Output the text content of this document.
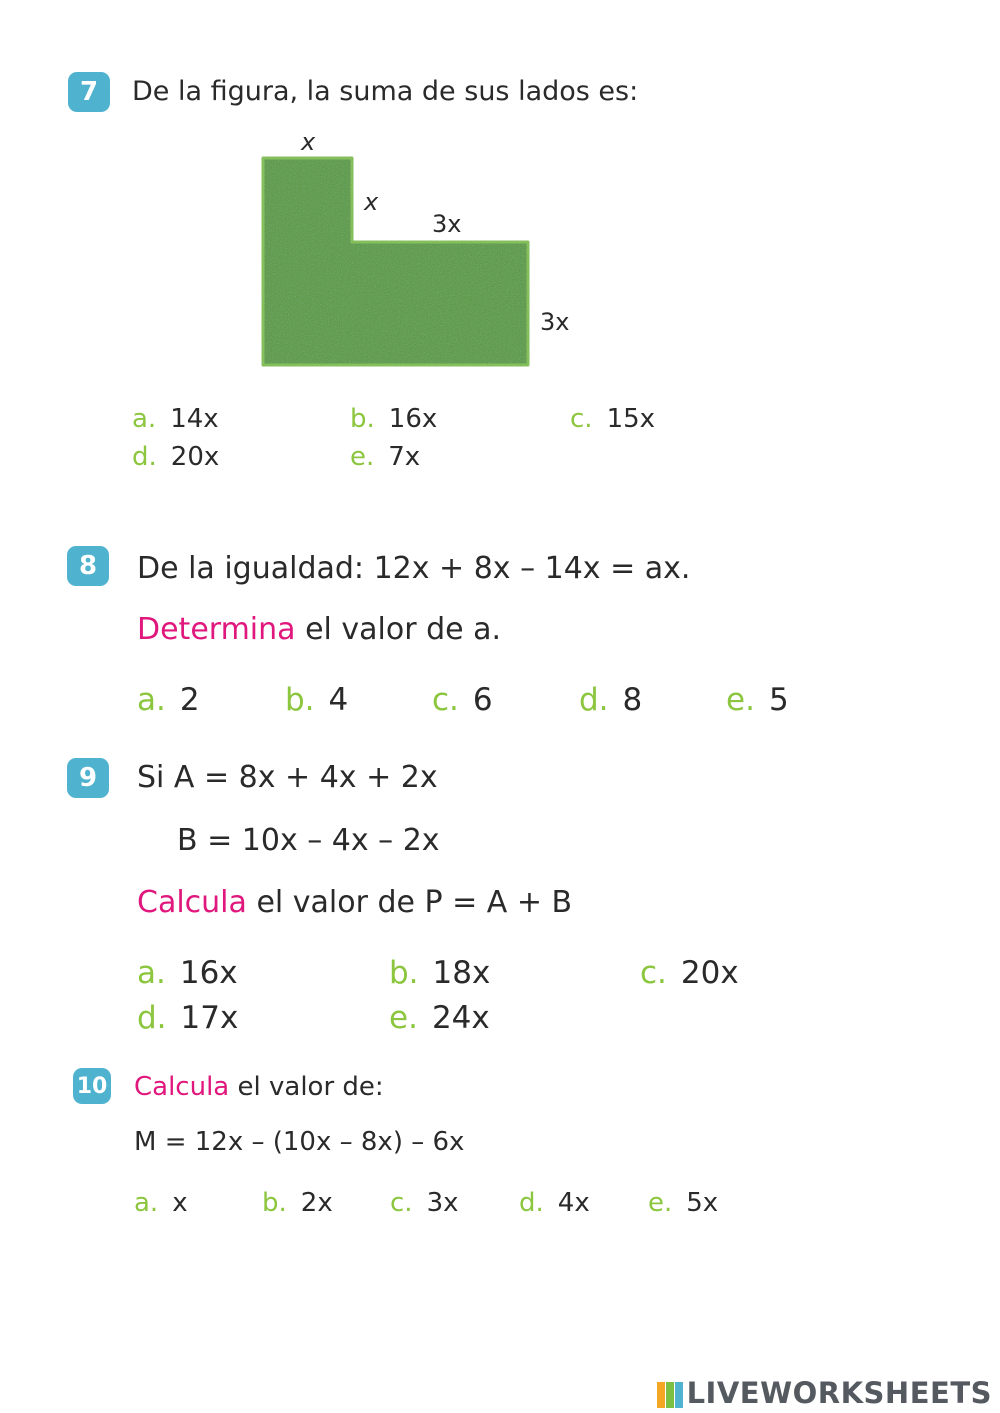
7	De la figura, la suma de sus lados es:
x
x
3x
3x
a. 14x	b. 16x	c. 15x
d. 20x	e. 7x
8	De la igualdad: 12x + 8x – 14x = ax.
Determina el valor de a.
a. 2	b. 4	c. 6	d. 8	e. 5
9	Si A = 8x + 4x + 2x
B = 10x – 4x – 2x
Calcula el valor de P = A + B
a. 16x	b. 18x	c. 20x
d. 17x	e. 24x
10 Calcula el valor de:
M = 12x – (10x – 8x) – 6x
a. x	b. 2x c. 3x d. 4x e. 5x
LIVEWORKSHEETS
